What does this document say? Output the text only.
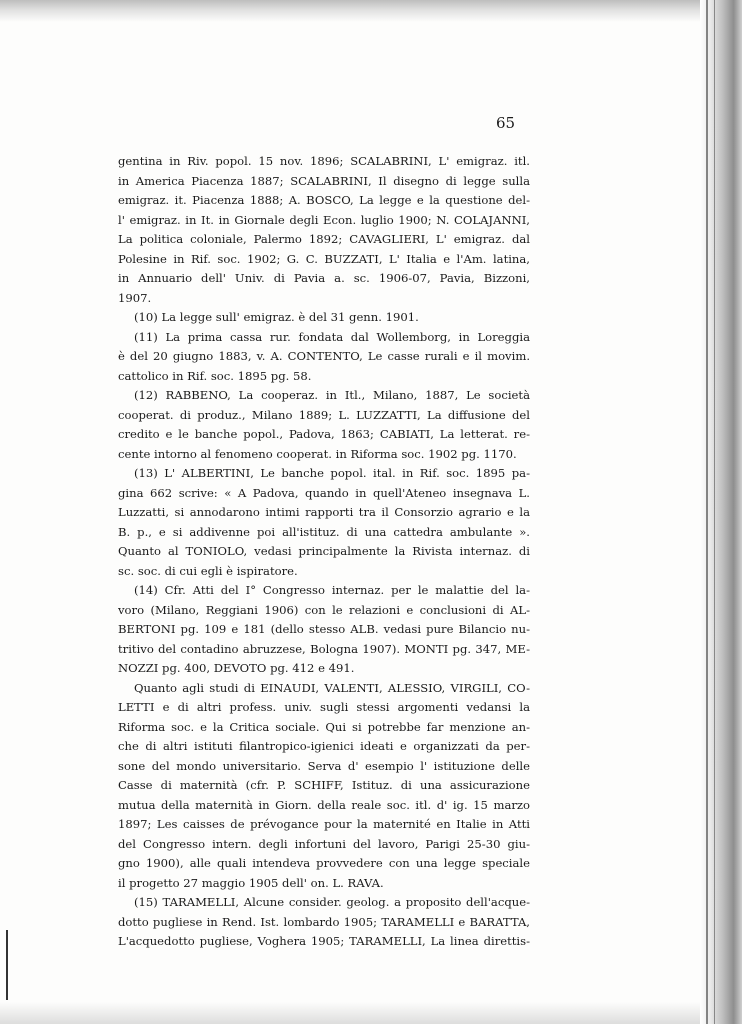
65
gentina in Riv. popol. 15 nov. 1896; SCALABRINI, L' emigraz. itl.
in America Piacenza 1887; SCALABRINI, Il disegno di legge sulla
emigraz. it. Piacenza 1888; A. BOSCO, La legge e la questione del-
l' emigraz. in It. in Giornale degli Econ. luglio 1900; N. COLAJANNI,
La politica coloniale, Palermo 1892; CAVAGLIERI, L' emigraz. dal
Polesine in Rif. soc. 1902; G. C. BUZZATI, L' Italia e l'Am. latina,
in Annuario dell' Univ. di Pavia a. sc. 1906-07, Pavia, Bizzoni,
1907.
(10) La legge sull' emigraz. è del 31 genn. 1901.
(11) La prima cassa rur. fondata dal Wollemborg, in Loreggia
è del 20 giugno 1883, v. A. CONTENTO, Le casse rurali e il movim.
cattolico in Rif. soc. 1895 pg. 58.
(12) RABBENO, La cooperaz. in Itl., Milano, 1887, Le società
cooperat. di produz., Milano 1889; L. LUZZATTI, La diffusione del
credito e le banche popol., Padova, 1863; CABIATI, La letterat. re-
cente intorno al fenomeno cooperat. in Riforma soc. 1902 pg. 1170.
(13) L' ALBERTINI, Le banche popol. ital. in Rif. soc. 1895 pa-
gina 662 scrive: « A Padova, quando in quell'Ateneo insegnava L.
Luzzatti, si annodarono intimi rapporti tra il Consorzio agrario e la
B. p., e si addivenne poi all'istituz. di una cattedra ambulante ».
Quanto al TONIOLO, vedasi principalmente la Rivista internaz. di
sc. soc. di cui egli è ispiratore.
(14) Cfr. Atti del I° Congresso internaz. per le malattie del la-
voro (Milano, Reggiani 1906) con le relazioni e conclusioni di AL-
BERTONI pg. 109 e 181 (dello stesso ALB. vedasi pure Bilancio nu-
tritivo del contadino abruzzese, Bologna 1907). MONTI pg. 347, ME-
NOZZI pg. 400, DEVOTO pg. 412 e 491.
Quanto agli studi di EINAUDI, VALENTI, ALESSIO, VIRGILI, CO-
LETTI e di altri profess. univ. sugli stessi argomenti vedansi la
Riforma soc. e la Critica sociale. Qui si potrebbe far menzione an-
che di altri istituti filantropico-igienici ideati e organizzati da per-
sone del mondo universitario. Serva d' esempio l' istituzione delle
Casse di maternità (cfr. P. SCHIFF, Istituz. di una assicurazione
mutua della maternità in Giorn. della reale soc. itl. d' ig. 15 marzo
1897; Les caisses de prévogance pour la maternité en Italie in Atti
del Congresso intern. degli infortuni del lavoro, Parigi 25-30 giu-
gno 1900), alle quali intendeva provvedere con una legge speciale
il progetto 27 maggio 1905 dell' on. L. RAVA.
(15) TARAMELLI, Alcune consider. geolog. a proposito dell'acque-
dotto pugliese in Rend. Ist. lombardo 1905; TARAMELLI e BARATTA,
L'acquedotto pugliese, Voghera 1905; TARAMELLI, La linea direttis-
